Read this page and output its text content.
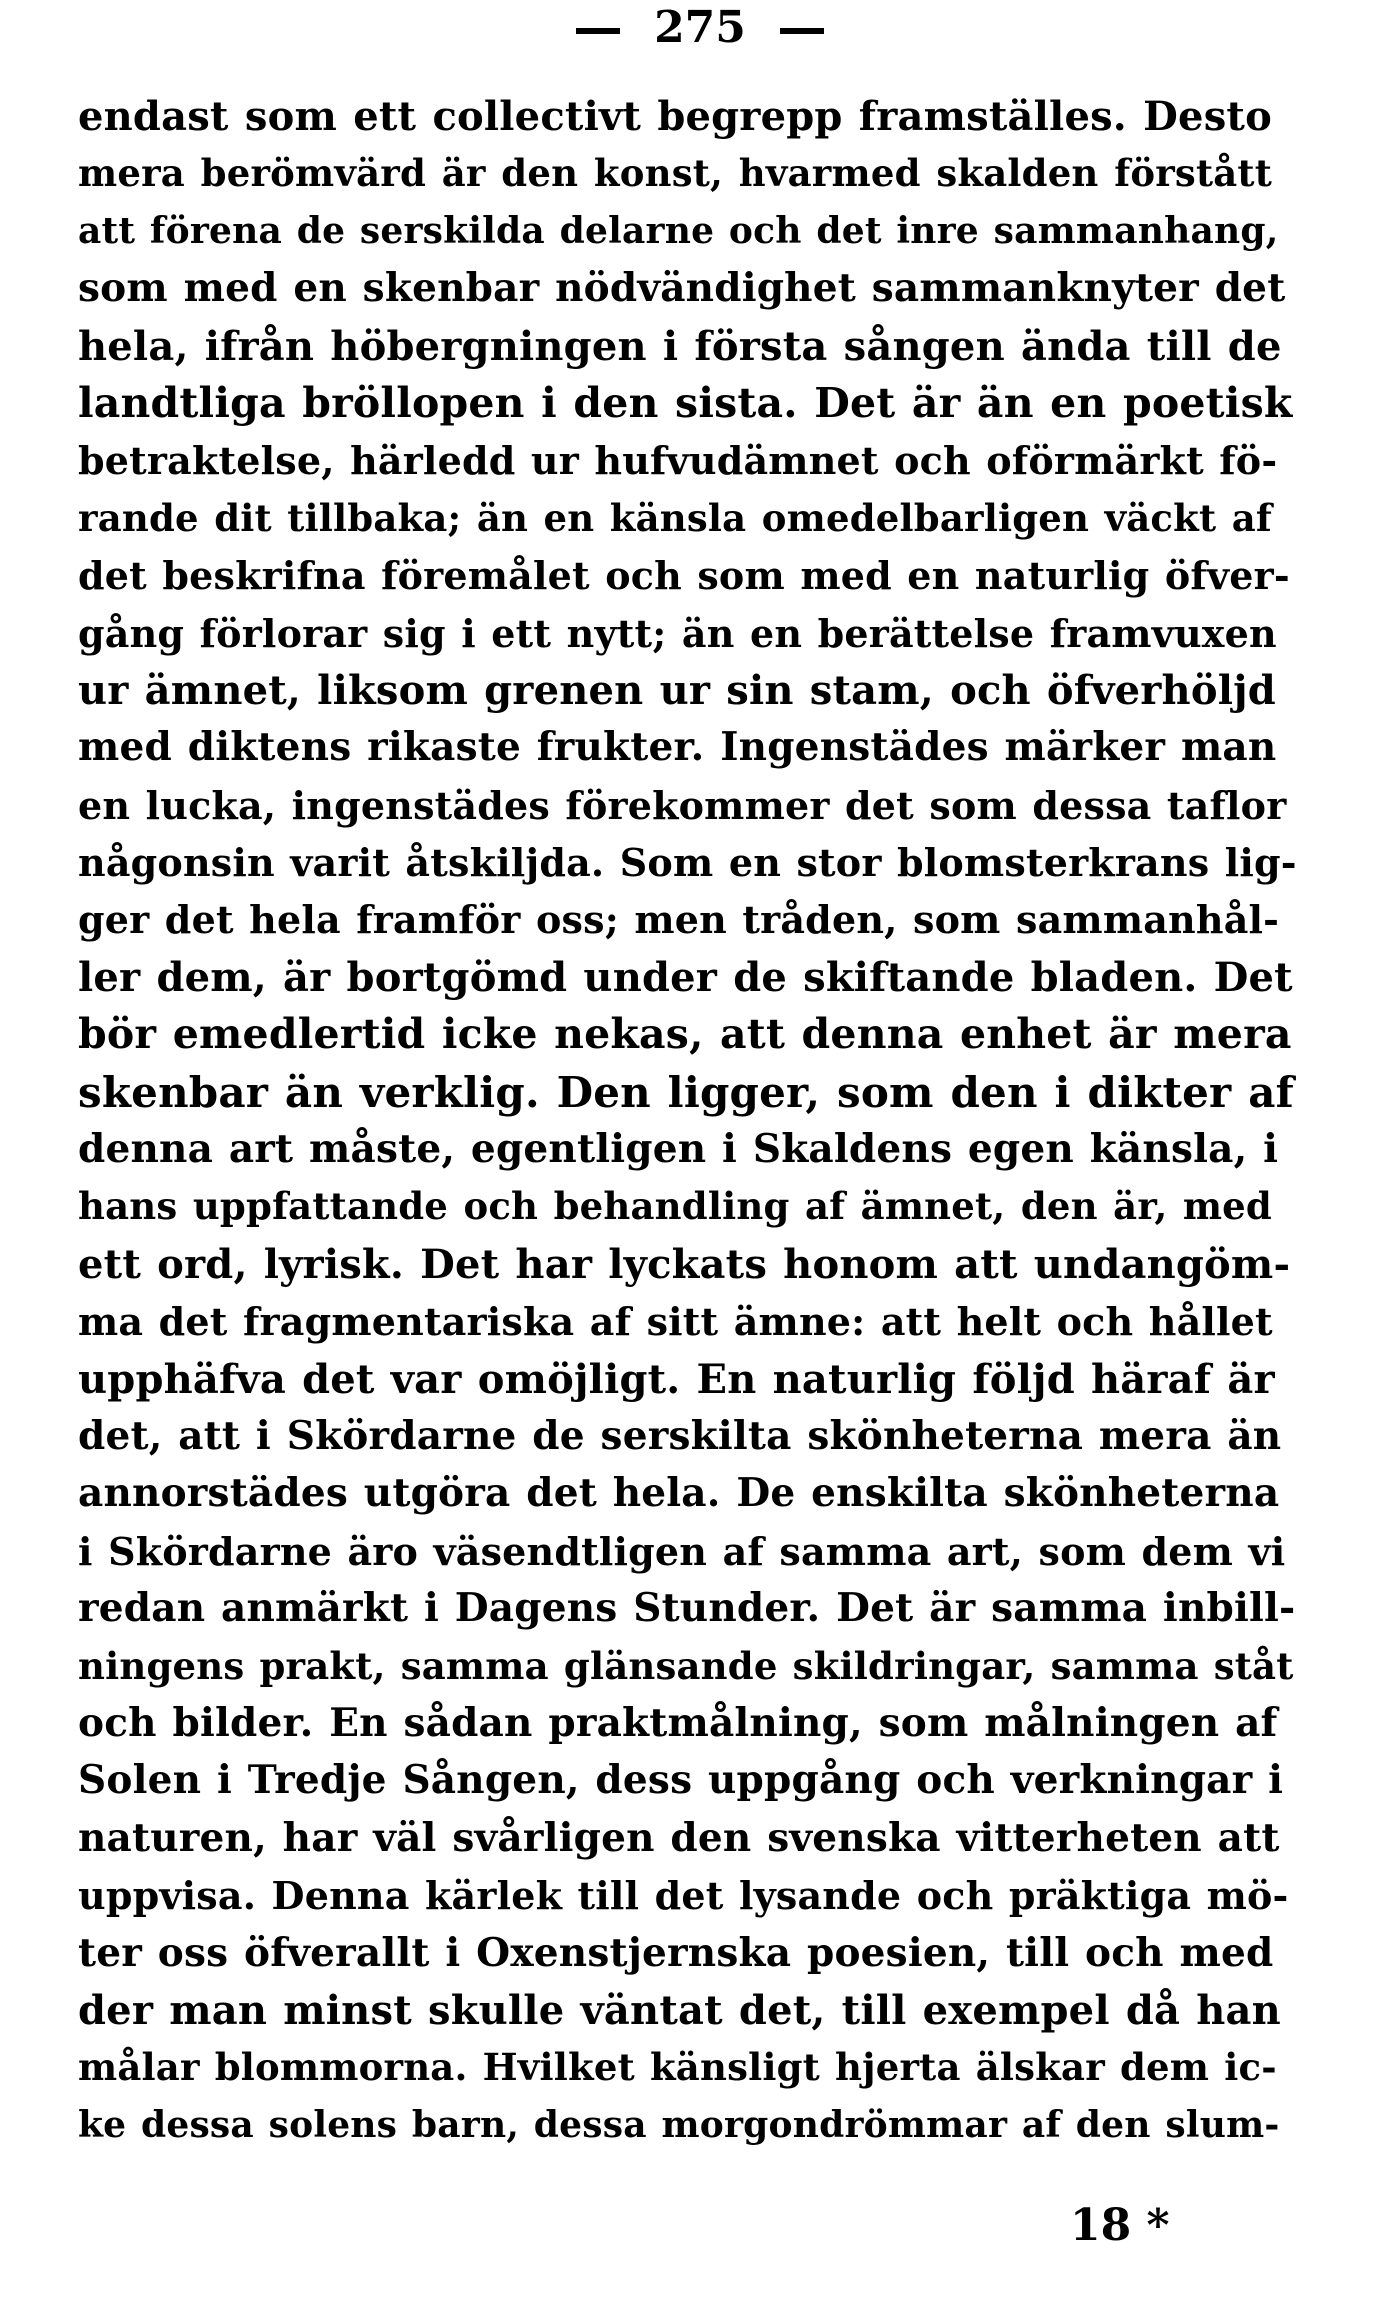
275
endast som ett collectivt begrepp framställes. Desto
mera berömvärd är den konst, hvarmed skalden förstått
att förena de serskilda delarne och det inre sammanhang,
som med en skenbar nödvändighet sammanknyter det
hela, ifrån höbergningen i första sången ända till de
landtliga bröllopen i den sista. Det är än en poetisk
betraktelse, härledd ur hufvudämnet och oförmärkt fö-
rande dit tillbaka; än en känsla omedelbarligen väckt af
det beskrifna föremålet och som med en naturlig öfver-
gång förlorar sig i ett nytt; än en berättelse framvuxen
ur ämnet, liksom grenen ur sin stam, och öfverhöljd
med diktens rikaste frukter. Ingenstädes märker man
en lucka, ingenstädes förekommer det som dessa taflor
någonsin varit åtskiljda. Som en stor blomsterkrans lig-
ger det hela framför oss; men tråden, som sammanhål-
ler dem, är bortgömd under de skiftande bladen. Det
bör emedlertid icke nekas, att denna enhet är mera
skenbar än verklig. Den ligger, som den i dikter af
denna art måste, egentligen i Skaldens egen känsla, i
hans uppfattande och behandling af ämnet, den är, med
ett ord, lyrisk. Det har lyckats honom att undangöm-
ma det fragmentariska af sitt ämne: att helt och hållet
upphäfva det var omöjligt. En naturlig följd häraf är
det, att i Skördarne de serskilta skönheterna mera än
annorstädes utgöra det hela. De enskilta skönheterna
i Skördarne äro väsendtligen af samma art, som dem vi
redan anmärkt i Dagens Stunder. Det är samma inbill-
ningens prakt, samma glänsande skildringar, samma ståt
och bilder. En sådan praktmålning, som målningen af
Solen i Tredje Sången, dess uppgång och verkningar i
naturen, har väl svårligen den svenska vitterheten att
uppvisa. Denna kärlek till det lysande och präktiga mö-
ter oss öfverallt i Oxenstjernska poesien, till och med
der man minst skulle väntat det, till exempel då han
målar blommorna. Hvilket känsligt hjerta älskar dem ic-
ke dessa solens barn, dessa morgondrömmar af den slum-
18 *
